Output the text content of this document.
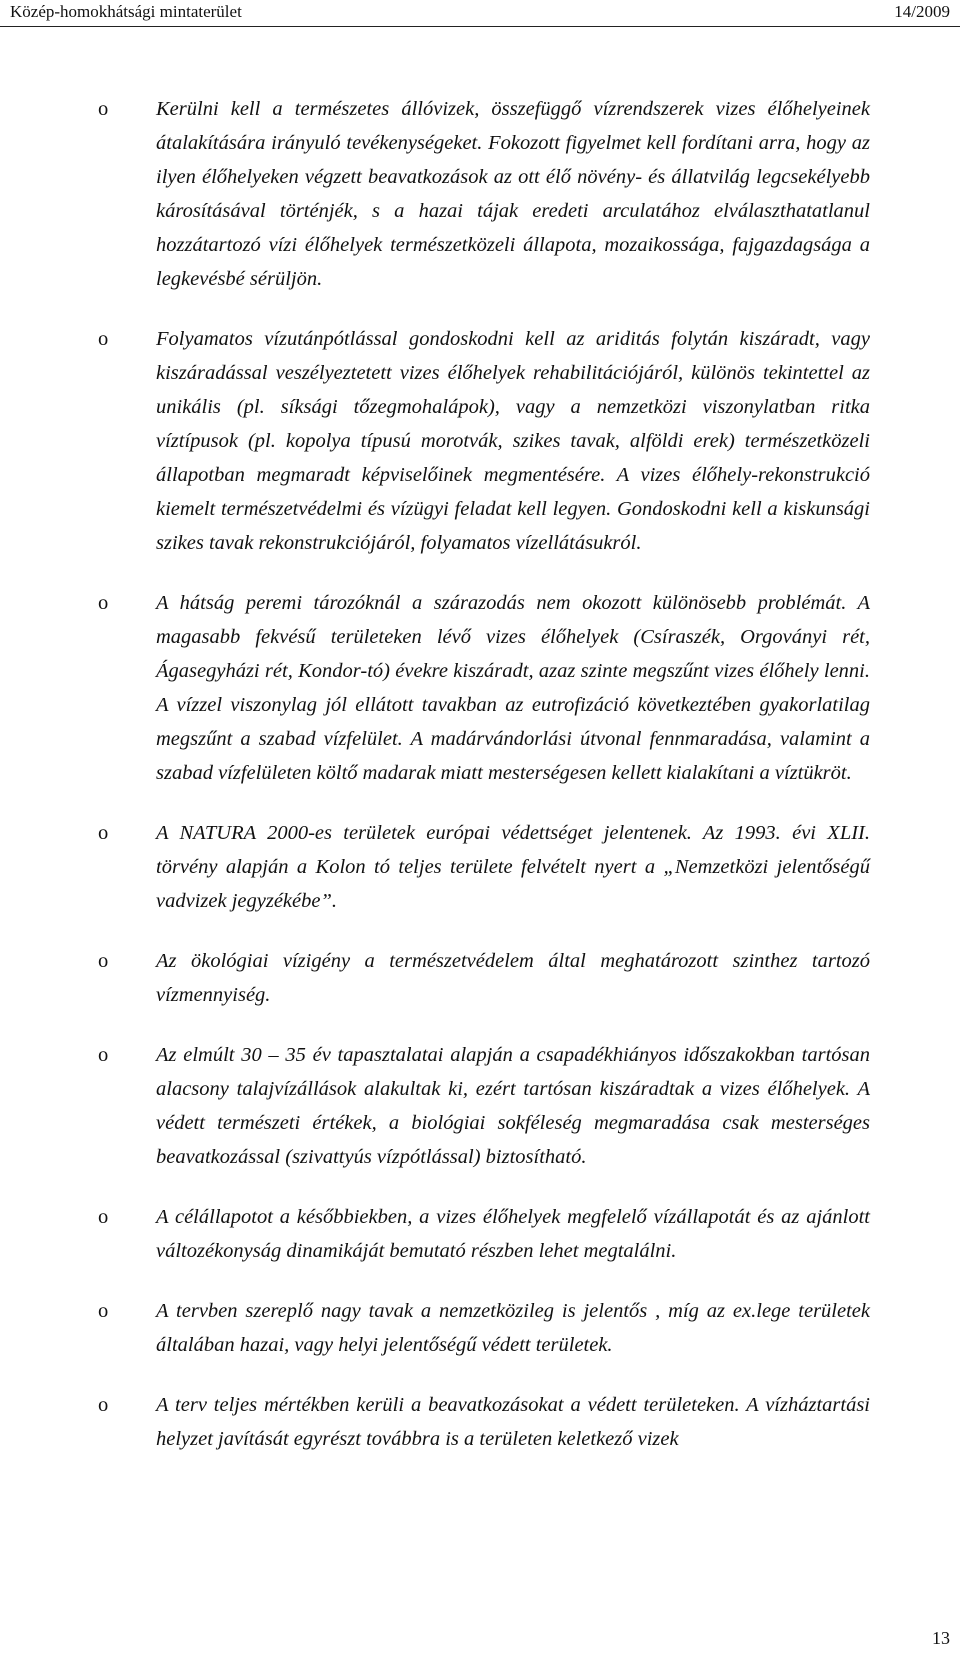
Közép-homokhátsági mintaterület	14/2009
o Kerülni kell a természetes állóvizek, összefüggő vízrendszerek vizes élőhelyeinek átalakítására irányuló tevékenységeket. Fokozott figyelmet kell fordítani arra, hogy az ilyen élőhelyeken végzett beavatkozások az ott élő növény- és állatvilág legcsekélyebb károsításával történjék, s a hazai tájak eredeti arculatához elválaszthatatlanul hozzátartozó vízi élőhelyek természetközeli állapota, mozaikossága, fajgazdagsága a legkevésbé sérüljön.
o Folyamatos vízutánpótlással gondoskodni kell az ariditás folytán kiszáradt, vagy kiszáradással veszélyeztetett vizes élőhelyek rehabilitációjáról, különös tekintettel az unikális (pl. síksági tőzegmohalápok), vagy a nemzetközi viszonylatban ritka víztípusok (pl. kopolya típusú morotvák, szikes tavak, alföldi erek) természetközeli állapotban megmaradt képviselőinek megmentésére. A vizes élőhely-rekonstrukció kiemelt természetvédelmi és vízügyi feladat kell legyen. Gondoskodni kell a kiskunsági szikes tavak rekonstrukciójáról, folyamatos vízellátásukról.
o A hátság peremi tározóknál a szárazodás nem okozott különösebb problémát. A magasabb fekvésű területeken lévő vizes élőhelyek (Csíraszék, Orgoványi rét, Ágasegyházi rét, Kondor-tó) évekre kiszáradt, azaz szinte megszűnt vizes élőhely lenni. A vízzel viszonylag jól ellátott tavakban az eutrofizáció következtében gyakorlatilag megszűnt a szabad vízfelület. A madárvándorlási útvonal fennmaradása, valamint a szabad vízfelületen költő madarak miatt mesterségesen kellett kialakítani a víztükröt.
o A NATURA 2000-es területek európai védettséget jelentenek. Az 1993. évi XLII. törvény alapján a Kolon tó teljes területe felvételt nyert a „Nemzetközi jelentőségű vadvizek jegyzékébe”.
o Az ökológiai vízigény a természetvédelem által meghatározott szinthez tartozó vízmennyiség.
o Az elmúlt 30 – 35 év tapasztalatai alapján a csapadékhiányos időszakokban tartósan alacsony talajvízállások alakultak ki, ezért tartósan kiszáradtak a vizes élőhelyek. A védett természeti értékek, a biológiai sokféleség megmaradása csak mesterséges beavatkozással (szivattyús vízpótlással) biztosítható.
o A célállapotot a későbbiekben, a vizes élőhelyek megfelelő vízállapotát és az ajánlott változékonyság dinamikáját bemutató részben lehet megtalálni.
o A tervben szereplő nagy tavak a nemzetközileg is jelentős , míg az ex.lege területek általában hazai, vagy helyi jelentőségű védett területek.
o A terv teljes mértékben kerüli a beavatkozásokat a védett területeken. A vízháztartási helyzet javítását egyrészt továbbra is a területen keletkező vizek
13
